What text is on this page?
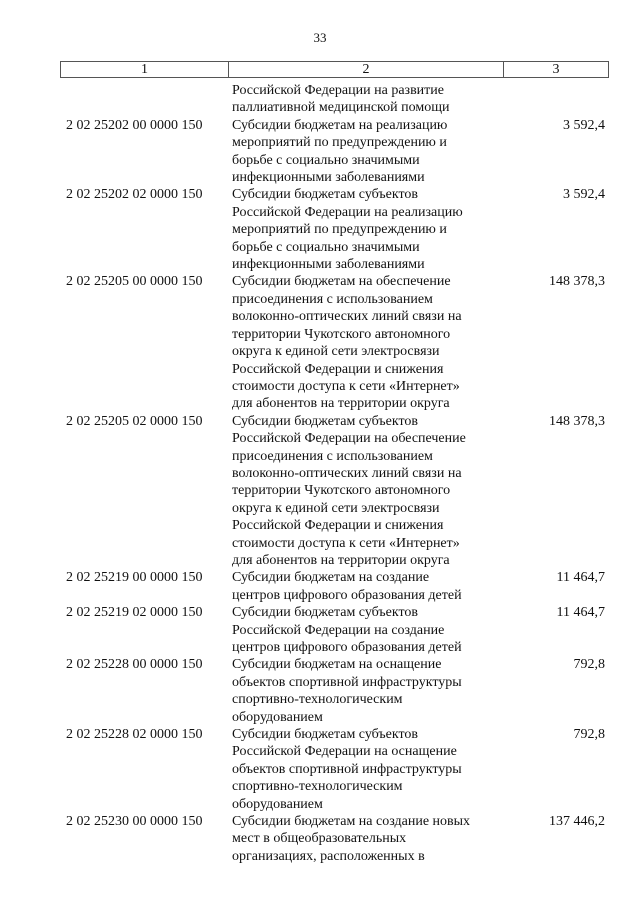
33
1	2	3
Российской Федерации на развитие
паллиативной медицинской помощи
2 02 25202 00 0000 150	Субсидии бюджетам на реализацию
мероприятий по предупреждению и
борьбе с социально значимыми
инфекционными заболеваниями
3 592,4
2 02 25202 02 0000 150	Субсидии бюджетам субъектов
Российской Федерации на реализацию
мероприятий по предупреждению и
борьбе с социально значимыми
инфекционными заболеваниями
3 592,4
2 02 25205 00 0000 150	Субсидии бюджетам на обеспечение
присоединения с использованием
волоконно-оптических линий связи на
территории Чукотского автономного
округа к единой сети электросвязи
Российской Федерации и снижения
стоимости доступа к сети «Интернет»
для абонентов на территории округа
148 378,3
2 02 25205 02 0000 150	Субсидии бюджетам субъектов
Российской Федерации на обеспечение
присоединения с использованием
волоконно-оптических линий связи на
территории Чукотского автономного
округа к единой сети электросвязи
Российской Федерации и снижения
стоимости доступа к сети «Интернет»
для абонентов на территории округа
148 378,3
2 02 25219 00 0000 150	Субсидии бюджетам на создание
центров цифрового образования детей
11 464,7
2 02 25219 02 0000 150	Субсидии бюджетам субъектов
Российской Федерации на создание
центров цифрового образования детей
11 464,7
2 02 25228 00 0000 150	Субсидии бюджетам на оснащение
объектов спортивной инфраструктуры
спортивно-технологическим
оборудованием
792,8
2 02 25228 02 0000 150	Субсидии бюджетам субъектов
Российской Федерации на оснащение
объектов спортивной инфраструктуры
спортивно-технологическим
оборудованием
792,8
2 02 25230 00 0000 150	Субсидии бюджетам на создание новых
мест в общеобразовательных
организациях, расположенных в
137 446,2
